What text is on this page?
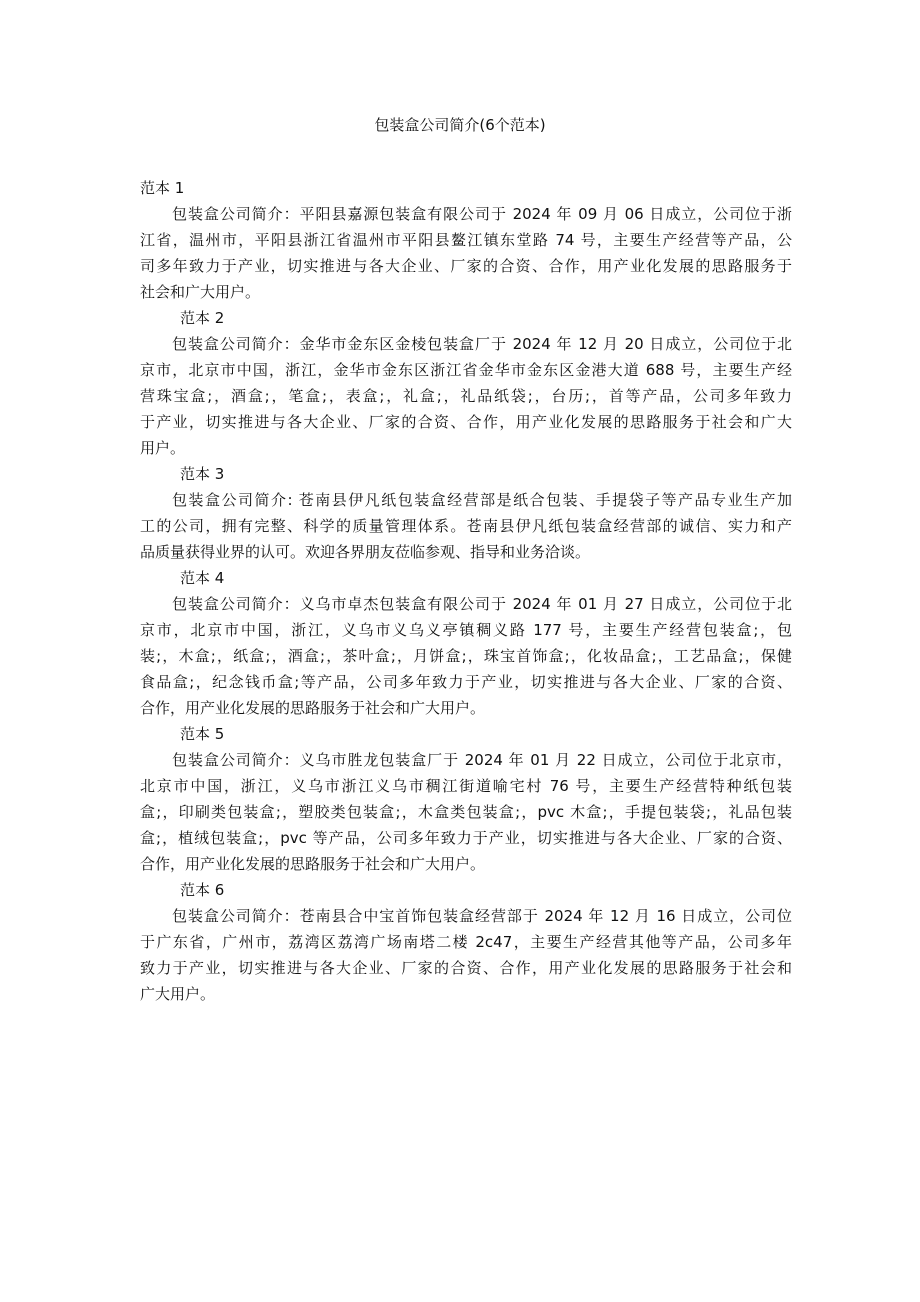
包装盒公司简介(6个范本)
范本 1
包装盒公司简介：平阳县嘉源包装盒有限公司于 2024 年 09 月 06 日成立，公司位于浙
江省，温州市，平阳县浙江省温州市平阳县鳌江镇东堂路 74 号，主要生产经营等产品，公
司多年致力于产业，切实推进与各大企业、厂家的合资、合作，用产业化发展的思路服务于
社会和广大用户。
范本 2
包装盒公司简介：金华市金东区金棱包装盒厂于 2024 年 12 月 20 日成立，公司位于北
京市，北京市中国，浙江，金华市金东区浙江省金华市金东区金港大道 688 号，主要生产经
营珠宝盒;，酒盒;，笔盒;，表盒;，礼盒;，礼品纸袋;，台历;，首等产品，公司多年致力
于产业，切实推进与各大企业、厂家的合资、合作，用产业化发展的思路服务于社会和广大
用户。
范本 3
包装盒公司简介: 苍南县伊凡纸包装盒经营部是纸合包装、手提袋子等产品专业生产加
工的公司，拥有完整、科学的质量管理体系。苍南县伊凡纸包装盒经营部的诚信、实力和产
品质量获得业界的认可。欢迎各界朋友莅临参观、指导和业务洽谈。
范本 4
包装盒公司简介：义乌市卓杰包装盒有限公司于 2024 年 01 月 27 日成立，公司位于北
京市，北京市中国，浙江，义乌市义乌义亭镇稠义路 177 号，主要生产经营包装盒;，包
装;，木盒;，纸盒;，酒盒;，茶叶盒;，月饼盒;，珠宝首饰盒;，化妆品盒;，工艺品盒;，保健
食品盒;，纪念钱币盒;等产品，公司多年致力于产业，切实推进与各大企业、厂家的合资、
合作，用产业化发展的思路服务于社会和广大用户。
范本 5
包装盒公司简介：义乌市胜龙包装盒厂于 2024 年 01 月 22 日成立，公司位于北京市，
北京市中国，浙江，义乌市浙江义乌市稠江街道喻宅村 76 号，主要生产经营特种纸包装
盒;，印刷类包装盒;，塑胶类包装盒;，木盒类包装盒;，pvc 木盒;，手提包装袋;，礼品包装
盒;，植绒包装盒;，pvc 等产品，公司多年致力于产业，切实推进与各大企业、厂家的合资、
合作，用产业化发展的思路服务于社会和广大用户。
范本 6
包装盒公司简介：苍南县合中宝首饰包装盒经营部于 2024 年 12 月 16 日成立，公司位
于广东省，广州市，荔湾区荔湾广场南塔二楼 2c47，主要生产经营其他等产品，公司多年
致力于产业，切实推进与各大企业、厂家的合资、合作，用产业化发展的思路服务于社会和
广大用户。
